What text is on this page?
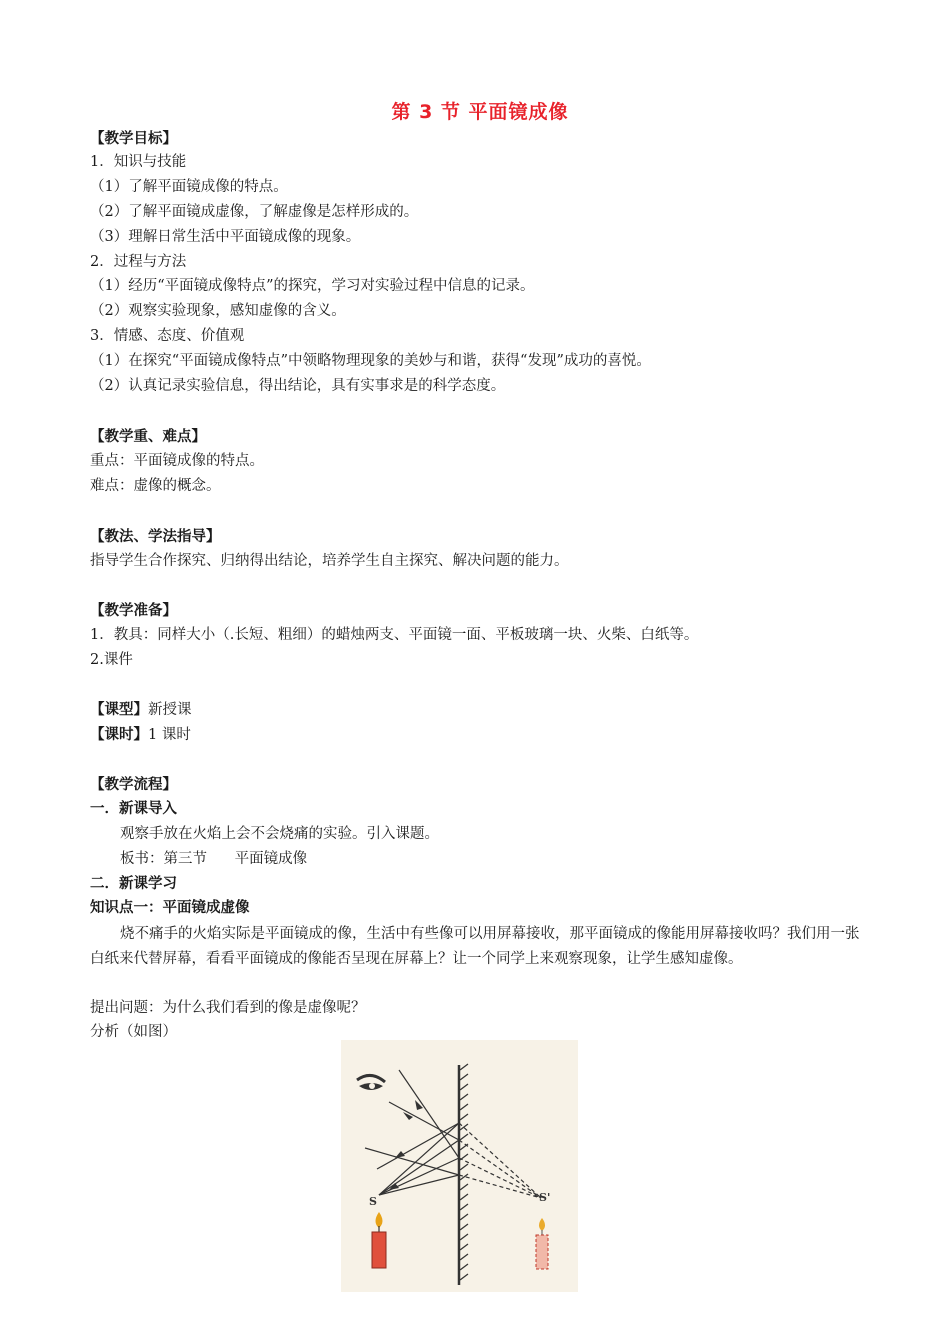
第 3 节 平面镜成像
【教学目标】
1．知识与技能
（1）了解平面镜成像的特点。
（2）了解平面镜成虚像，了解虚像是怎样形成的。
（3）理解日常生活中平面镜成像的现象。
2．过程与方法
（1）经历“平面镜成像特点”的探究，学习对实验过程中信息的记录。
（2）观察实验现象，感知虚像的含义。
3．情感、态度、价值观
（1）在探究“平面镜成像特点”中领略物理现象的美妙与和谐，获得“发现”成功的喜悦。
（2）认真记录实验信息，得出结论，具有实事求是的科学态度。
【教学重、难点】
重点：平面镜成像的特点。
难点：虚像的概念。
【教法、学法指导】
指导学生合作探究、归纳得出结论，培养学生自主探究、解决问题的能力。
【教学准备】
1．教具：同样大小（.长短、粗细）的蜡烛两支、平面镜一面、平板玻璃一块、火柴、白纸等。
2.课件
【课型】新授课
【课时】1 课时
【教学流程】
一．新课导入
观察手放在火焰上会不会烧痛的实验。引入课题。
板书：第三节      平面镜成像
二．新课学习
知识点一：平面镜成虚像
烧不痛手的火焰实际是平面镜成的像，生活中有些像可以用屏幕接收，那平面镜成的像能用屏幕接收吗？我们用一张白纸来代替屏幕，看看平面镜成的像能否呈现在屏幕上？让一个同学上来观察现象，让学生感知虚像。
提出问题：为什么我们看到的像是虚像呢？
分析（如图）
S	S'
